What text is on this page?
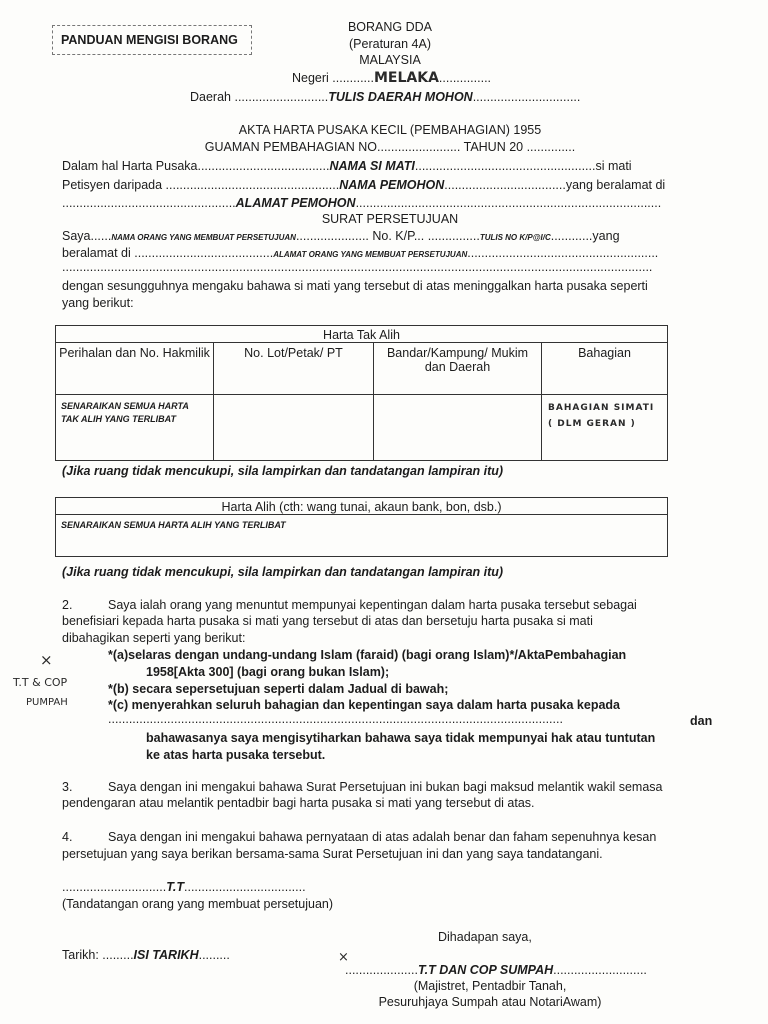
PANDUAN MENGISI BORANG
BORANG DDA
(Peraturan 4A)
MALAYSIA
Negeri ............MELAKA...............
Daerah ...........................TULIS DAERAH MOHON...............................
AKTA HARTA PUSAKA KECIL (PEMBAHAGIAN) 1955
GUAMAN PEMBAHAGIAN NO........................ TAHUN 20 ..............
Dalam hal Harta Pusaka......................................NAMA SI MATI....................................................si mati
Petisyen daripada ..................................................NAMA PEMOHON...................................yang beralamat di
..................................................ALAMAT PEMOHON........................................................................................
SURAT PERSETUJUAN
Saya......NAMA ORANG YANG MEMBUAT PERSETUJUAN..................... No. K/P... ...............TULIS NO K/P@I/C............yang
beralamat di ........................................ALAMAT ORANG YANG MEMBUAT PERSETUJUAN.......................................................
..........................................................................................................................................................................
dengan sesungguhnya mengaku bahawa si mati yang tersebut di atas meninggalkan harta pusaka seperti yang berikut:
Harta Tak Alih			
Perihalan dan No. Hakmilik	No. Lot/Petak/ PT	Bandar/Kampung/ Mukim dan Daerah	Bahagian
SENARAIKAN SEMUA HARTA TAK ALIH YANG TERLIBAT			BAHAGIAN SIMATI
( DLM GERAN )
(Jika ruang tidak mencukupi, sila lampirkan dan tandatangan lampiran itu)
Harta Alih (cth: wang tunai, akaun bank, bon, dsb.)
SENARAIKAN SEMUA HARTA ALIH YANG TERLIBAT
(Jika ruang tidak mencukupi, sila lampirkan dan tandatangan lampiran itu)
2.	Saya ialah orang yang menuntut mempunyai kepentingan dalam harta pusaka tersebut sebagai
benefisiari kepada harta pusaka si mati yang tersebut di atas dan bersetuju harta pusaka si mati
dibahagikan seperti yang berikut:
*(a)selaras dengan undang-undang Islam (faraid) (bagi orang Islam)*/AktaPembahagian
1958[Akta 300] (bagi orang bukan Islam);
*(b) secara sepersetujuan seperti dalam Jadual di bawah;
*(c) menyerahkan seluruh bahagian dan kepentingan saya dalam harta pusaka kepada
...................................................................................................................................	dan
bahawasanya saya mengisytiharkan bahawa saya tidak mempunyai hak atau tuntutan
ke atas harta pusaka tersebut.
×
T.T & COP
PUMPAH
3.	Saya dengan ini mengakui bahawa Surat Persetujuan ini bukan bagi maksud melantik wakil semasa
pendengaran atau melantik pentadbir bagi harta pusaka si mati yang tersebut di atas.
4.	Saya dengan ini mengakui bahawa pernyataan di atas adalah benar dan faham sepenuhnya kesan
persetujuan yang saya berikan bersama-sama Surat Persetujuan ini dan yang saya tandatangani.
..............................T.T...................................
(Tandatangan orang yang membuat persetujuan)
Dihadapan saya,
Tarikh: .........ISI TARIKH.........	×
.....................T.T DAN COP SUMPAH...........................
(Majistret, Pentadbir Tanah,
Pesuruhjaya Sumpah atau NotariAwam)
